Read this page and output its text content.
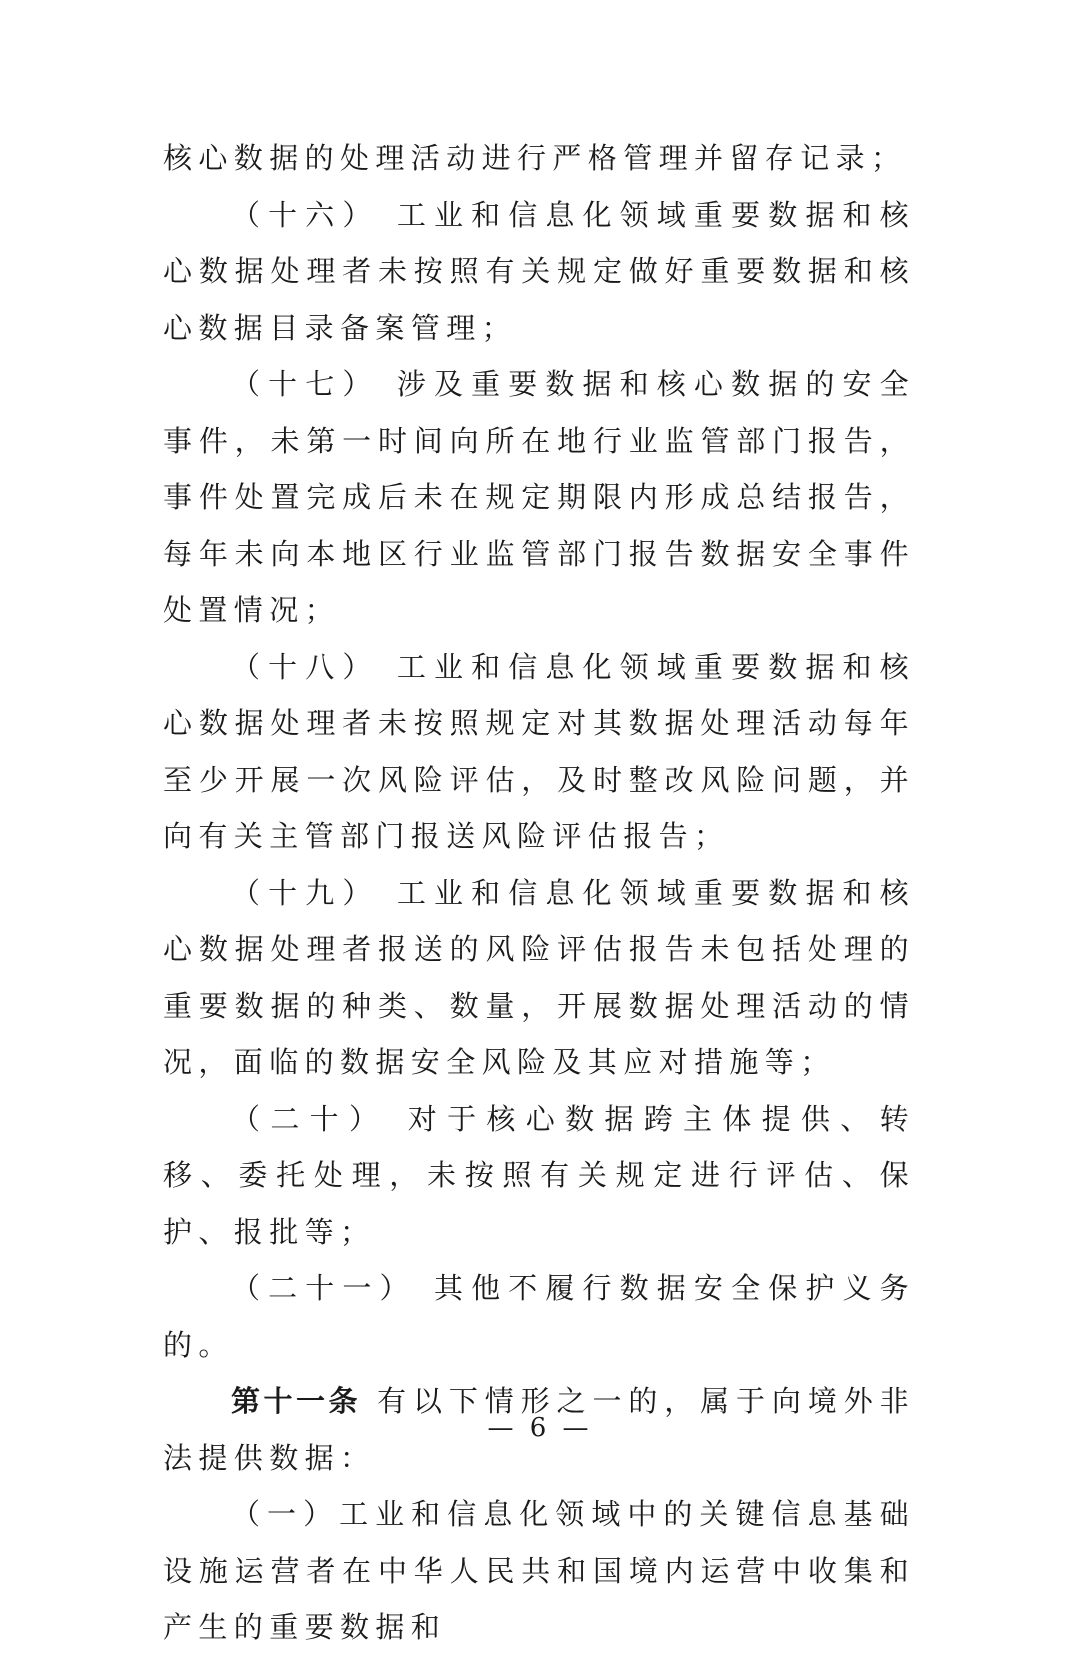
核心数据的处理活动进行严格管理并留存记录；

（十六） 工业和信息化领域重要数据和核心数据处理者未按照有关规定做好重要数据和核心数据目录备案管理；

（十七） 涉及重要数据和核心数据的安全事件，未第一时间向所在地行业监管部门报告，事件处置完成后未在规定期限内形成总结报告，每年未向本地区行业监管部门报告数据安全事件处置情况；

（十八） 工业和信息化领域重要数据和核心数据处理者未按照规定对其数据处理活动每年至少开展一次风险评估，及时整改风险问题，并向有关主管部门报送风险评估报告；

（十九） 工业和信息化领域重要数据和核心数据处理者报送的风险评估报告未包括处理的重要数据的种类、数量，开展数据处理活动的情况，面临的数据安全风险及其应对措施等；

（二十） 对于核心数据跨主体提供、转移、委托处理，未按照有关规定进行评估、保护、报批等；

（二十一） 其他不履行数据安全保护义务的。

第十一条 有以下情形之一的，属于向境外非法提供数据：

（一）工业和信息化领域中的关键信息基础设施运营者在中华人民共和国境内运营中收集和产生的重要数据和

— 6 —
